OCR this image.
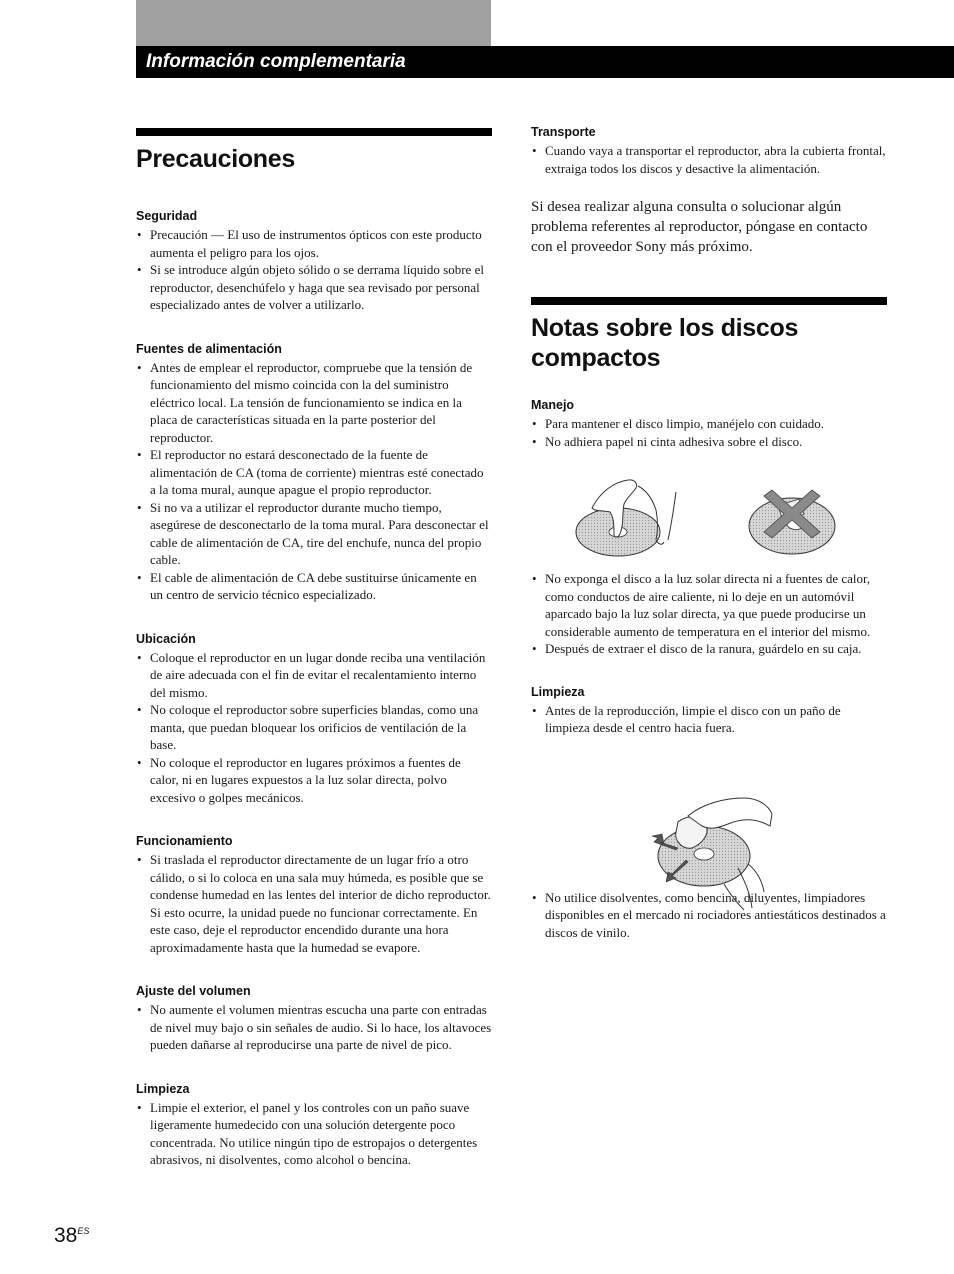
Información complementaria
Precauciones
Seguridad
• Precaución — El uso de instrumentos ópticos con este producto aumenta el peligro para los ojos.
• Si se introduce algún objeto sólido o se derrama líquido sobre el reproductor, desenchúfelo y haga que sea revisado por personal especializado antes de volver a utilizarlo.
Fuentes de alimentación
• Antes de emplear el reproductor, compruebe que la tensión de funcionamiento del mismo coincida con la del suministro eléctrico local. La tensión de funcionamiento se indica en la placa de características situada en la parte posterior del reproductor.
• El reproductor no estará desconectado de la fuente de alimentación de CA (toma de corriente) mientras esté conectado a la toma mural, aunque apague el propio reproductor.
• Si no va a utilizar el reproductor durante mucho tiempo, asegúrese de desconectarlo de la toma mural. Para desconectar el cable de alimentación de CA, tire del enchufe, nunca del propio cable.
• El cable de alimentación de CA debe sustituirse únicamente en un centro de servicio técnico especializado.
Ubicación
• Coloque el reproductor en un lugar donde reciba una ventilación de aire adecuada con el fin de evitar el recalentamiento interno del mismo.
• No coloque el reproductor sobre superficies blandas, como una manta, que puedan bloquear los orificios de ventilación de la base.
• No coloque el reproductor en lugares próximos a fuentes de calor, ni en lugares expuestos a la luz solar directa, polvo excesivo o golpes mecánicos.
Funcionamiento
• Si traslada el reproductor directamente de un lugar frío a otro cálido, o si lo coloca en una sala muy húmeda, es posible que se condense humedad en las lentes del interior de dicho reproductor. Si esto ocurre, la unidad puede no funcionar correctamente. En este caso, deje el reproductor encendido durante una hora aproximadamente hasta que la humedad se evapore.
Ajuste del volumen
• No aumente el volumen mientras escucha una parte con entradas de nivel muy bajo o sin señales de audio. Si lo hace, los altavoces pueden dañarse al reproducirse una parte de nivel de pico.
Limpieza
• Limpie el exterior, el panel y los controles con un paño suave ligeramente humedecido con una solución detergente poco concentrada. No utilice ningún tipo de estropajos o detergentes abrasivos, ni disolventes, como alcohol o bencina.
Transporte
• Cuando vaya a transportar el reproductor, abra la cubierta frontal, extraiga todos los discos y desactive la alimentación.

Si desea realizar alguna consulta o solucionar algún problema referentes al reproductor, póngase en contacto con el proveedor Sony más próximo.

Notas sobre los discos
compactos
Manejo
• Para mantener el disco limpio, manéjelo con cuidado.
• No adhiera papel ni cinta adhesiva sobre el disco.
• No exponga el disco a la luz solar directa ni a fuentes de calor, como conductos de aire caliente, ni lo deje en un automóvil aparcado bajo la luz solar directa, ya que puede producirse un considerable aumento de temperatura en el interior del mismo.
• Después de extraer el disco de la ranura, guárdelo en su caja.
Limpieza
• Antes de la reproducción, limpie el disco con un paño de limpieza desde el centro hacia fuera.
• No utilice disolventes, como bencina, diluyentes, limpiadores disponibles en el mercado ni rociadores antiestáticos destinados a discos de vinilo.
$38^{ES}$
